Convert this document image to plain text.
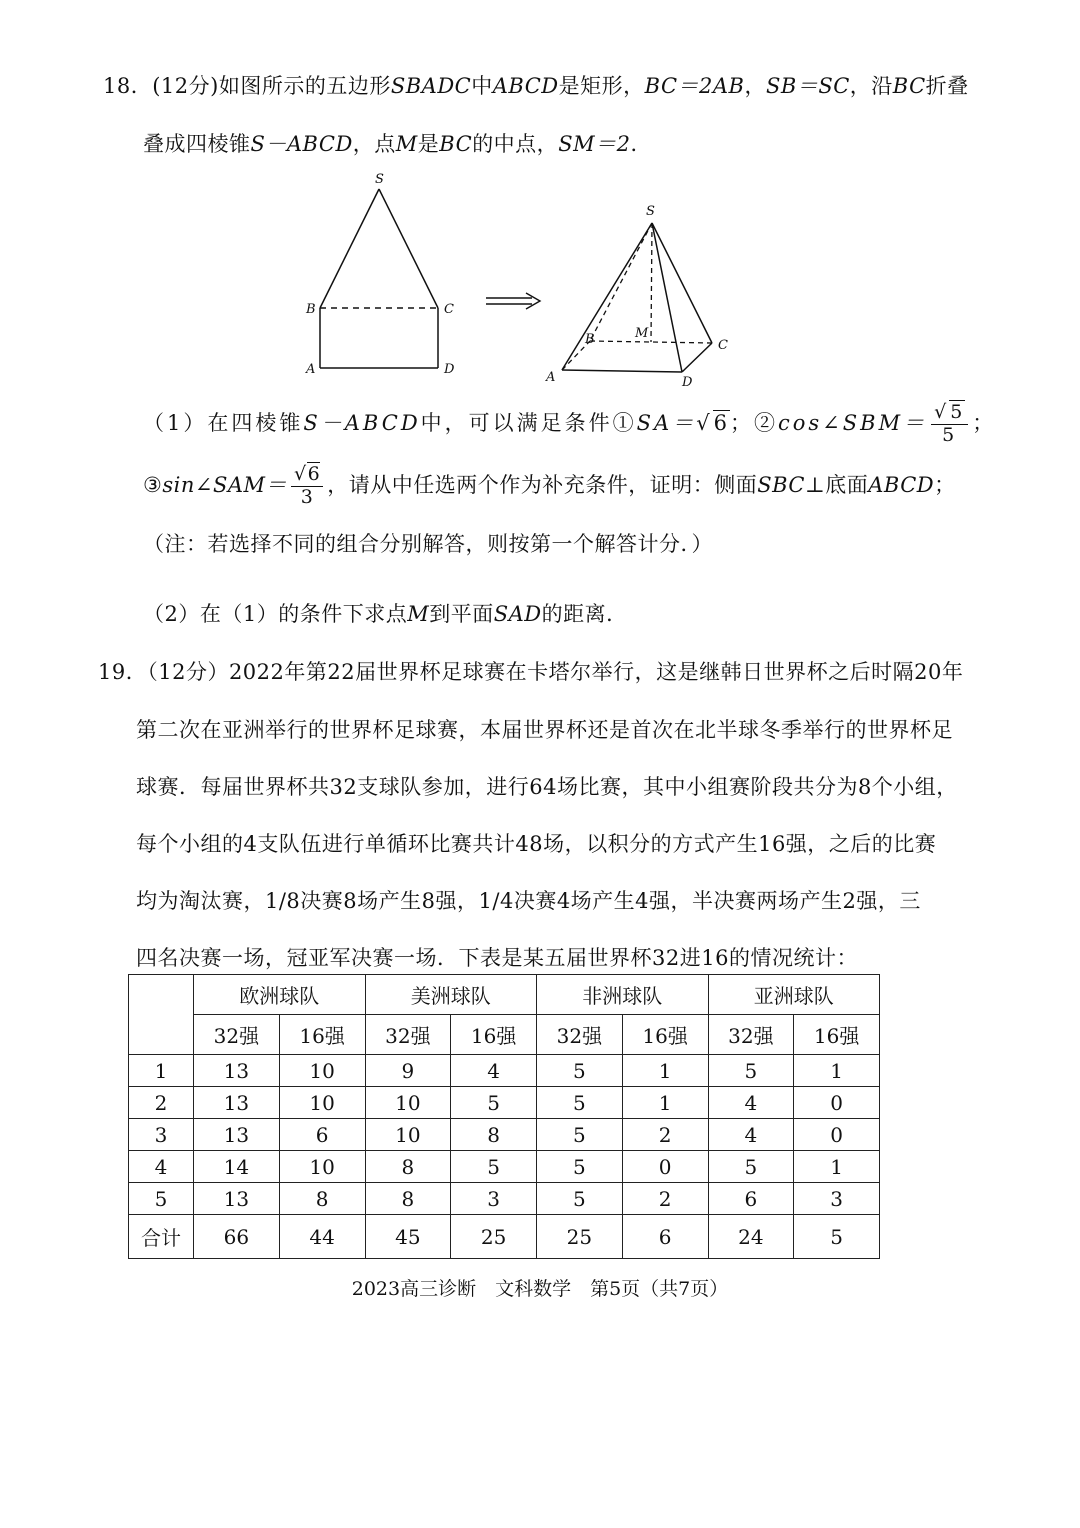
18．(12分)如图所示的五边形SBADC中ABCD是矩形，BC＝2AB，SB＝SC，沿BC折叠
叠成四棱锥S－ABCD，点M是BC的中点，SM＝2．
S
B	C
A	D
S
B	C
A	D
M
（1）在四棱锥S－ABCD中，可以满足条件①SA＝√6；②cos∠SBM＝ $\frac{√5}{5}$ ；
③sin∠SAM＝ $\frac{√6}{3}$ ，请从中任选两个作为补充条件，证明：侧面SBC⊥底面ABCD；
（注：若选择不同的组合分别解答，则按第一个解答计分．）
（2）在（1）的条件下求点M到平面SAD的距离．
19．（12分）2022年第22届世界杯足球赛在卡塔尔举行，这是继韩日世界杯之后时隔20年
第二次在亚洲举行的世界杯足球赛，本届世界杯还是首次在北半球冬季举行的世界杯足
球赛．每届世界杯共32支球队参加，进行64场比赛，其中小组赛阶段共分为8个小组，
每个小组的4支队伍进行单循环比赛共计48场，以积分的方式产生16强，之后的比赛
均为淘汰赛，1/8决赛8场产生8强，1/4决赛4场产生4强，半决赛两场产生2强，三
四名决赛一场，冠亚军决赛一场．下表是某五届世界杯32进16的情况统计：
	欧洲球队		美洲球队		非洲球队		亚洲球队	
	32强	16强	32强	16强	32强	16强	32强	16强
1	13	10	9	4	5	1	5	1
2	13	10	10	5	5	1	4	0
3	13	6	10	8	5	2	4	0
4	14	10	8	5	5	0	5	1
5	13	8	8	3	5	2	6	3
合计	66	44	45	25	25	6	24	5
2023高三诊断　文科数学　第5页（共7页）
